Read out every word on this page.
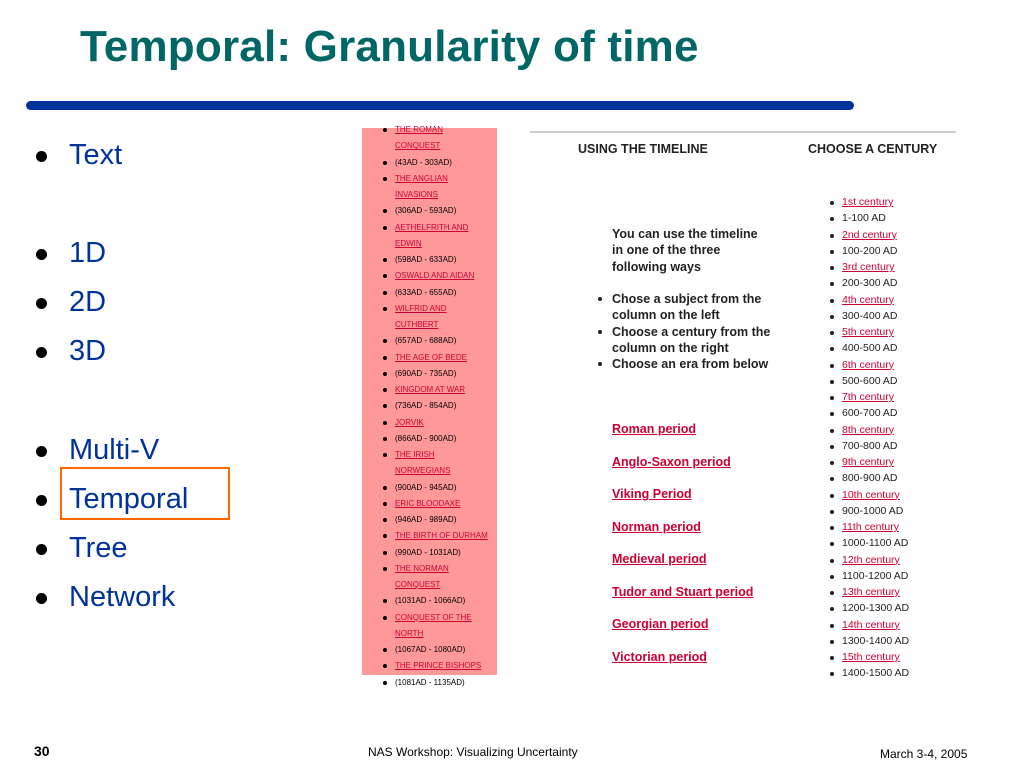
Temporal: Granularity of time
Text
1D
2D
3D
Multi-V
Temporal
Tree
Network
THE ROMAN
CONQUEST
(43AD - 303AD)
THE ANGLIAN
INVASIONS
(306AD - 593AD)
AETHELFRITH AND
EDWIN
(598AD - 633AD)
OSWALD AND AIDAN
(633AD - 655AD)
WILFRID AND
CUTHBERT
(657AD - 688AD)
THE AGE OF BEDE
(690AD - 735AD)
KINGDOM AT WAR
(736AD - 854AD)
JORVIK
(866AD - 900AD)
THE IRISH
NORWEGIANS
(900AD - 945AD)
ERIC BLOODAXE
(946AD - 989AD)
THE BIRTH OF DURHAM
(990AD - 1031AD)
THE NORMAN
CONQUEST
(1031AD - 1066AD)
CONQUEST OF THE
NORTH
(1067AD - 1080AD)
THE PRINCE BISHOPS
(1081AD - 1135AD)
USING THE TIMELINE	CHOOSE A CENTURY
You can use the timeline
in one of the three
following ways
Chose a subject from the
column on the left
Choose a century from the
column on the right
Choose an era from below
Roman period
Anglo-Saxon period
Viking Period
Norman period
Medieval period
Tudor and Stuart period
Georgian period
Victorian period
1st century
1-100 AD
2nd century
100-200 AD
3rd century
200-300 AD
4th century
300-400 AD
5th century
400-500 AD
6th century
500-600 AD
7th century
600-700 AD
8th century
700-800 AD
9th century
800-900 AD
10th century
900-1000 AD
11th century
1000-1100 AD
12th century
1100-1200 AD
13th century
1200-1300 AD
14th century
1300-1400 AD
15th century
1400-1500 AD
30	NAS Workshop: Visualizing Uncertainty	March 3-4, 2005
